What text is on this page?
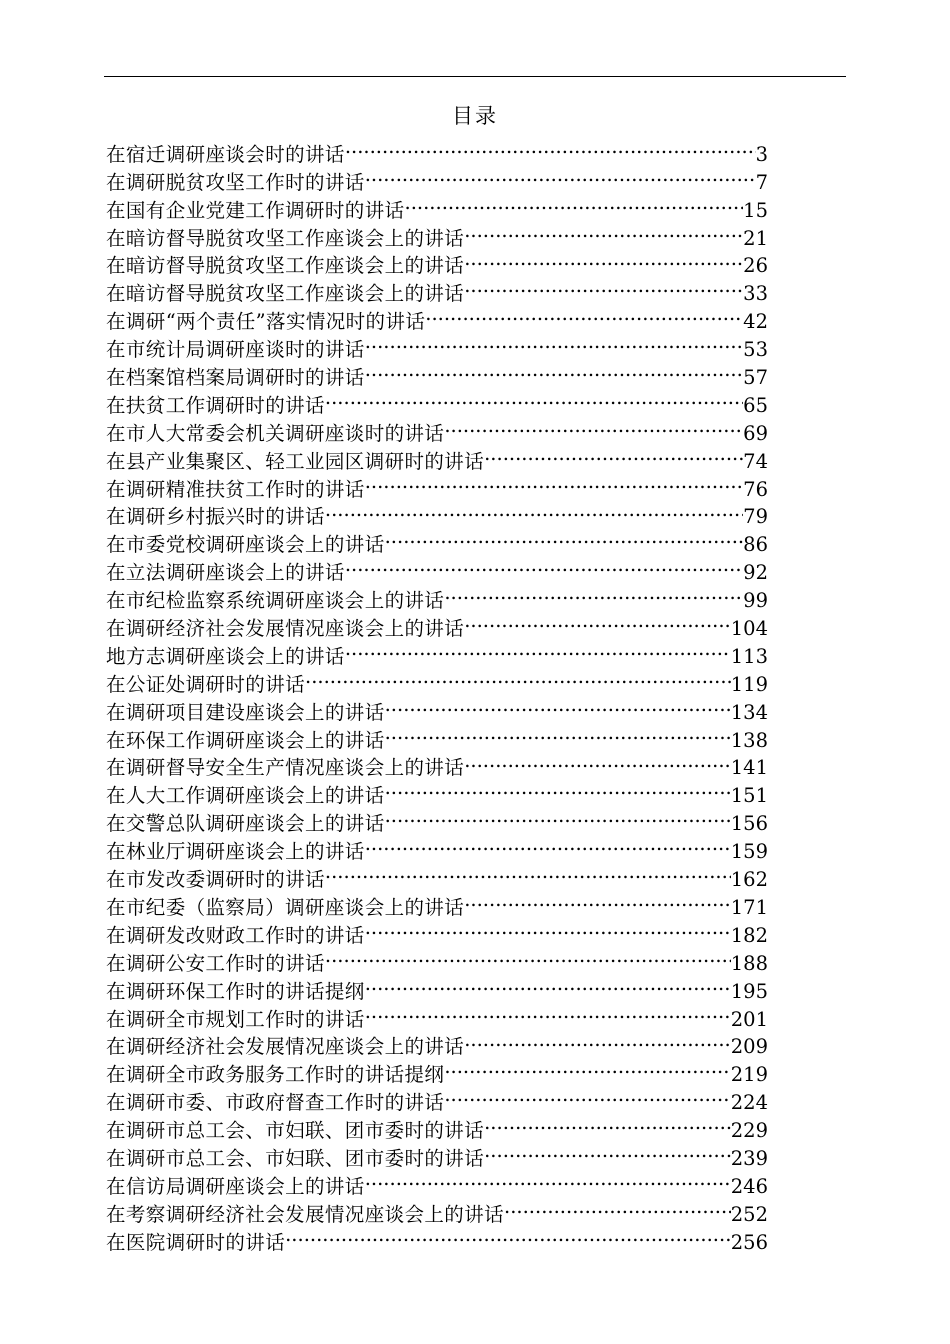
目录
在宿迁调研座谈会时的讲话 .....	3
在调研脱贫攻坚工作时的讲话 .....	7
在国有企业党建工作调研时的讲话 .....	15
在暗访督导脱贫攻坚工作座谈会上的讲话 .....	21
在暗访督导脱贫攻坚工作座谈会上的讲话 .....	26
在暗访督导脱贫攻坚工作座谈会上的讲话 .....	33
在调研“两个责任”落实情况时的讲话 .....	42
在市统计局调研座谈时的讲话 .....	53
在档案馆档案局调研时的讲话 .....	57
在扶贫工作调研时的讲话 .....	65
在市人大常委会机关调研座谈时的讲话 .....	69
在县产业集聚区、轻工业园区调研时的讲话 .....	74
在调研精准扶贫工作时的讲话 .....	76
在调研乡村振兴时的讲话 .....	79
在市委党校调研座谈会上的讲话 .....	86
在立法调研座谈会上的讲话 .....	92
在市纪检监察系统调研座谈会上的讲话 .....	99
在调研经济社会发展情况座谈会上的讲话 .....	104
地方志调研座谈会上的讲话 .....	113
在公证处调研时的讲话 .....	119
在调研项目建设座谈会上的讲话 .....	134
在环保工作调研座谈会上的讲话 .....	138
在调研督导安全生产情况座谈会上的讲话 .....	141
在人大工作调研座谈会上的讲话 .....	151
在交警总队调研座谈会上的讲话 .....	156
在林业厅调研座谈会上的讲话 .....	159
在市发改委调研时的讲话 .....	162
在市纪委（监察局）调研座谈会上的讲话 .....	171
在调研发改财政工作时的讲话 .....	182
在调研公安工作时的讲话 .....	188
在调研环保工作时的讲话提纲 .....	195
在调研全市规划工作时的讲话 .....	201
在调研经济社会发展情况座谈会上的讲话 .....	209
在调研全市政务服务工作时的讲话提纲 .....	219
在调研市委、市政府督查工作时的讲话 .....	224
在调研市总工会、市妇联、团市委时的讲话 .....	229
在调研市总工会、市妇联、团市委时的讲话 .....	239
在信访局调研座谈会上的讲话 .....	246
在考察调研经济社会发展情况座谈会上的讲话 .....	252
在医院调研时的讲话 .....	256
